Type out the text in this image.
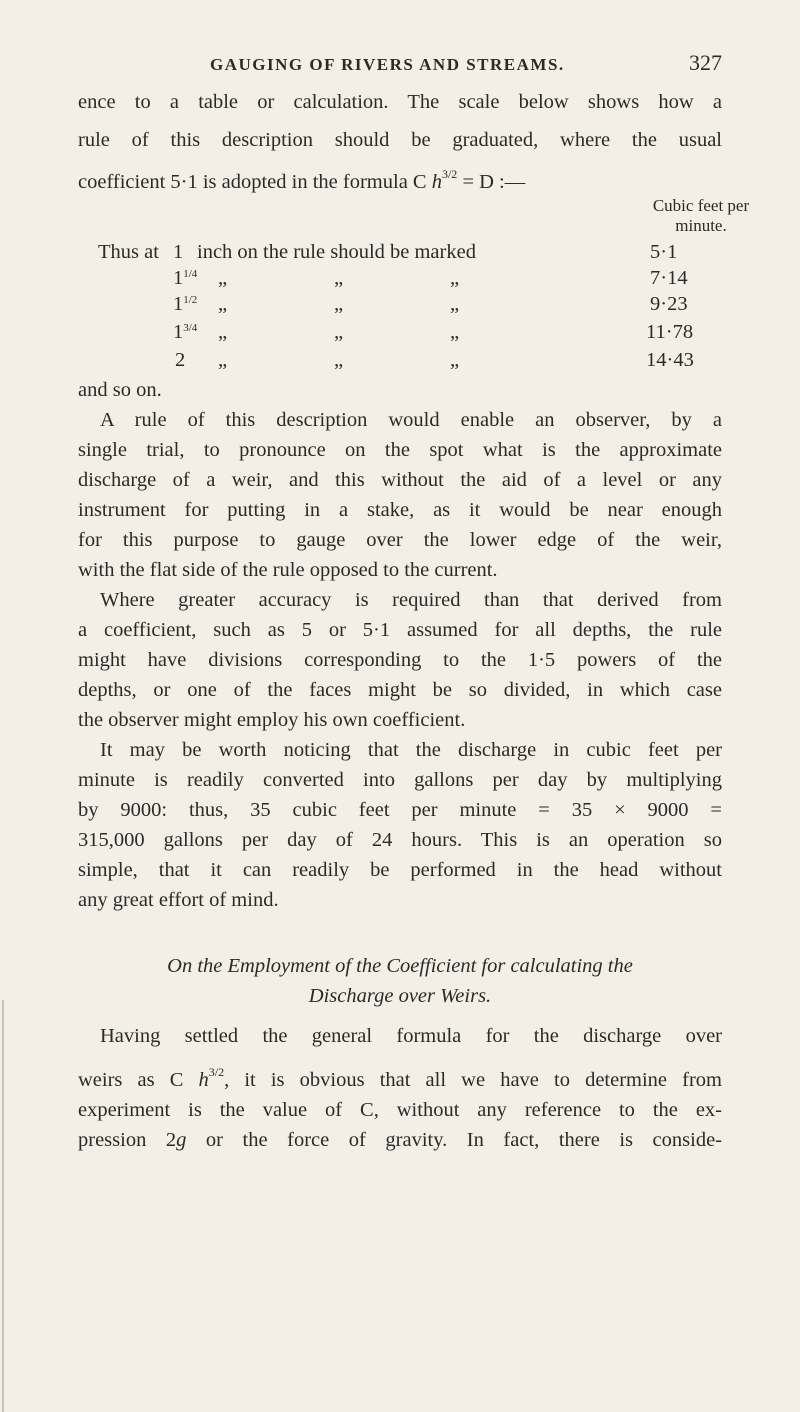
GAUGING OF RIVERS AND STREAMS.	327
ence to a table or calculation. The scale below shows how a
rule of this description should be graduated, where the usual
coefficient 5·1 is adopted in the formula C $h^{3/2} = D$ :—
Cubic feet per
minute.
Thus at 1 inch on the rule should be marked	5·1
$1^{1/4}$ „	„	„	7·14
$1^{1/2}$ „	„	„	9·23
$1^{3/4}$ „	„	„	11·78
2 „	„	„	14·43
and so on.
A rule of this description would enable an observer, by a
single trial, to pronounce on the spot what is the approximate
discharge of a weir, and this without the aid of a level or any
instrument for putting in a stake, as it would be near enough
for this purpose to gauge over the lower edge of the weir,
with the flat side of the rule opposed to the current.
Where greater accuracy is required than that derived from
a coefficient, such as 5 or 5·1 assumed for all depths, the rule
might have divisions corresponding to the 1·5 powers of the
depths, or one of the faces might be so divided, in which case
the observer might employ his own coefficient.
It may be worth noticing that the discharge in cubic feet per
minute is readily converted into gallons per day by multiplying
by 9000: thus, 35 cubic feet per minute = 35 × 9000 =
315,000 gallons per day of 24 hours. This is an operation so
simple, that it can readily be performed in the head without
any great effort of mind.
On the Employment of the Coefficient for calculating the
Discharge over Weirs.
Having settled the general formula for the discharge over
weirs as C $h^{3/2}$, it is obvious that all we have to determine from
experiment is the value of C, without any reference to the ex-
pression 2g or the force of gravity. In fact, there is conside-
